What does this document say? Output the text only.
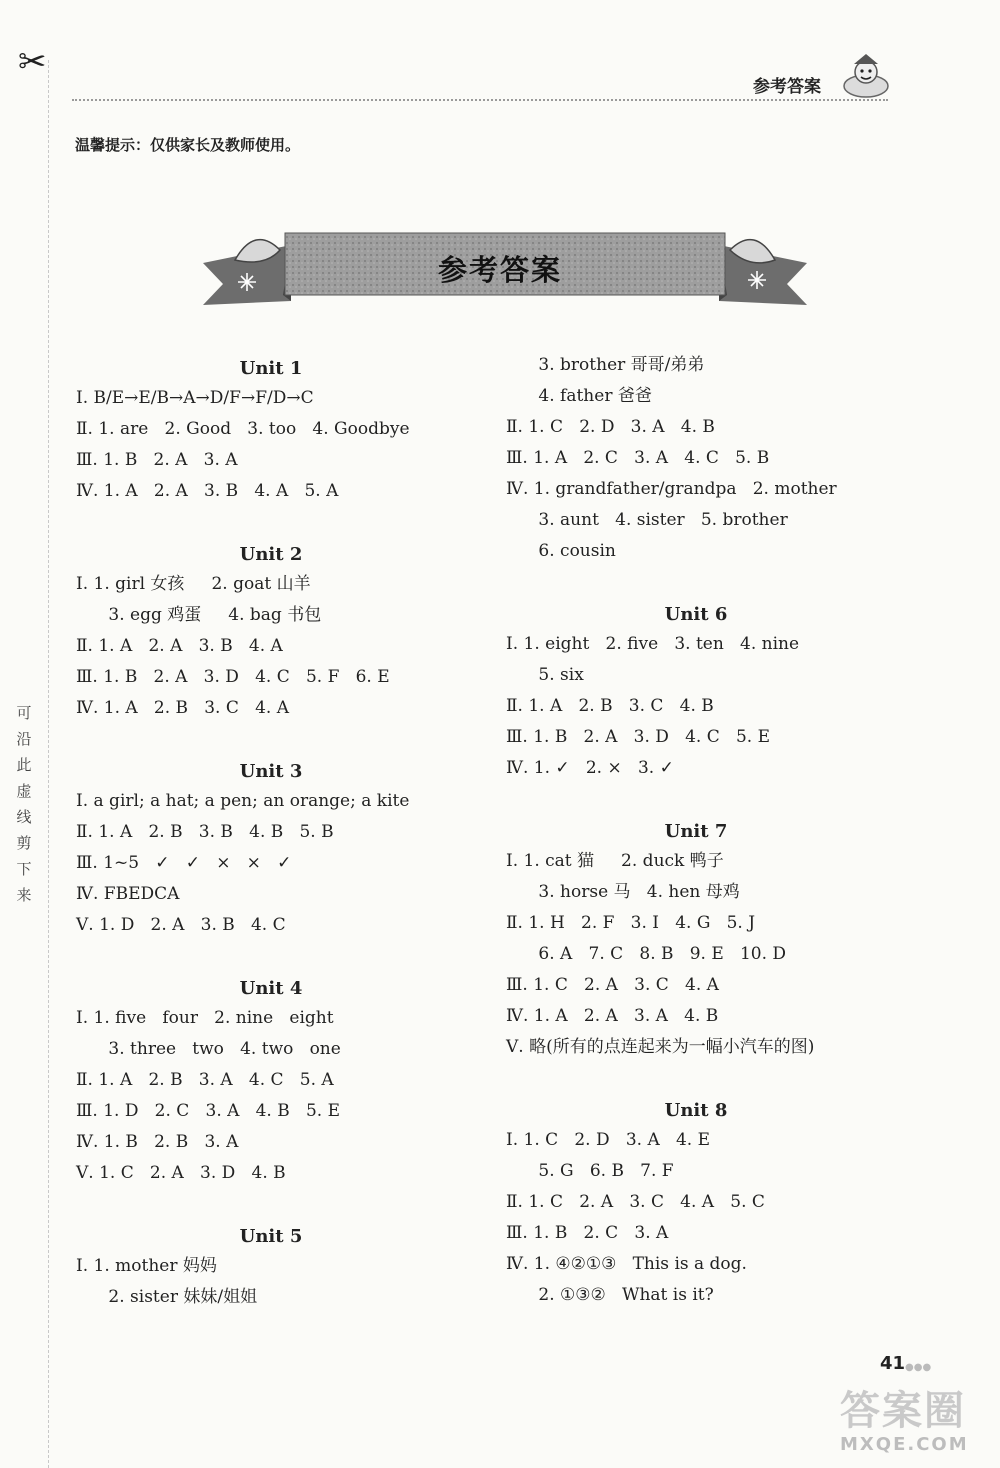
✂
可
沿
此
虚
线
剪
下
来
参考答案
温馨提示：仅供家长及教师使用。
参考答案
Unit 1
Ⅰ. B/E→E/B→A→D/F→F/D→C
Ⅱ. 1. are   2. Good   3. too   4. Goodbye
Ⅲ. 1. B   2. A   3. A
Ⅳ. 1. A   2. A   3. B   4. A   5. A
Unit 2
Ⅰ. 1. girl 女孩     2. goat 山羊
3. egg 鸡蛋     4. bag 书包
Ⅱ. 1. A   2. A   3. B   4. A
Ⅲ. 1. B   2. A   3. D   4. C   5. F   6. E
Ⅳ. 1. A   2. B   3. C   4. A
Unit 3
Ⅰ. a girl; a hat; a pen; an orange; a kite
Ⅱ. 1. A   2. B   3. B   4. B   5. B
Ⅲ. 1~5   ✓   ✓   ×   ×   ✓
Ⅳ. FBEDCA
Ⅴ. 1. D   2. A   3. B   4. C
Unit 4
Ⅰ. 1. five   four   2. nine   eight
3. three   two   4. two   one
Ⅱ. 1. A   2. B   3. A   4. C   5. A
Ⅲ. 1. D   2. C   3. A   4. B   5. E
Ⅳ. 1. B   2. B   3. A
Ⅴ. 1. C   2. A   3. D   4. B
Unit 5
Ⅰ. 1. mother 妈妈
2. sister 妹妹/姐姐
3. brother 哥哥/弟弟
4. father 爸爸
Ⅱ. 1. C   2. D   3. A   4. B
Ⅲ. 1. A   2. C   3. A   4. C   5. B
Ⅳ. 1. grandfather/grandpa   2. mother
3. aunt   4. sister   5. brother
6. cousin
Unit 6
Ⅰ. 1. eight   2. five   3. ten   4. nine
5. six
Ⅱ. 1. A   2. B   3. C   4. B
Ⅲ. 1. B   2. A   3. D   4. C   5. E
Ⅳ. 1. ✓   2. ×   3. ✓
Unit 7
Ⅰ. 1. cat 猫     2. duck 鸭子
3. horse 马   4. hen 母鸡
Ⅱ. 1. H   2. F   3. I   4. G   5. J
6. A   7. C   8. B   9. E   10. D
Ⅲ. 1. C   2. A   3. C   4. A
Ⅳ. 1. A   2. A   3. A   4. B
Ⅴ. 略(所有的点连起来为一幅小汽车的图)
Unit 8
Ⅰ. 1. C   2. D   3. A   4. E
5. G   6. B   7. F
Ⅱ. 1. C   2. A   3. C   4. A   5. C
Ⅲ. 1. B   2. C   3. A
Ⅳ. 1. ④②①③   This is a dog.
2. ①③②   What is it?
41 ●●●
答案圈
MXQE.COM
